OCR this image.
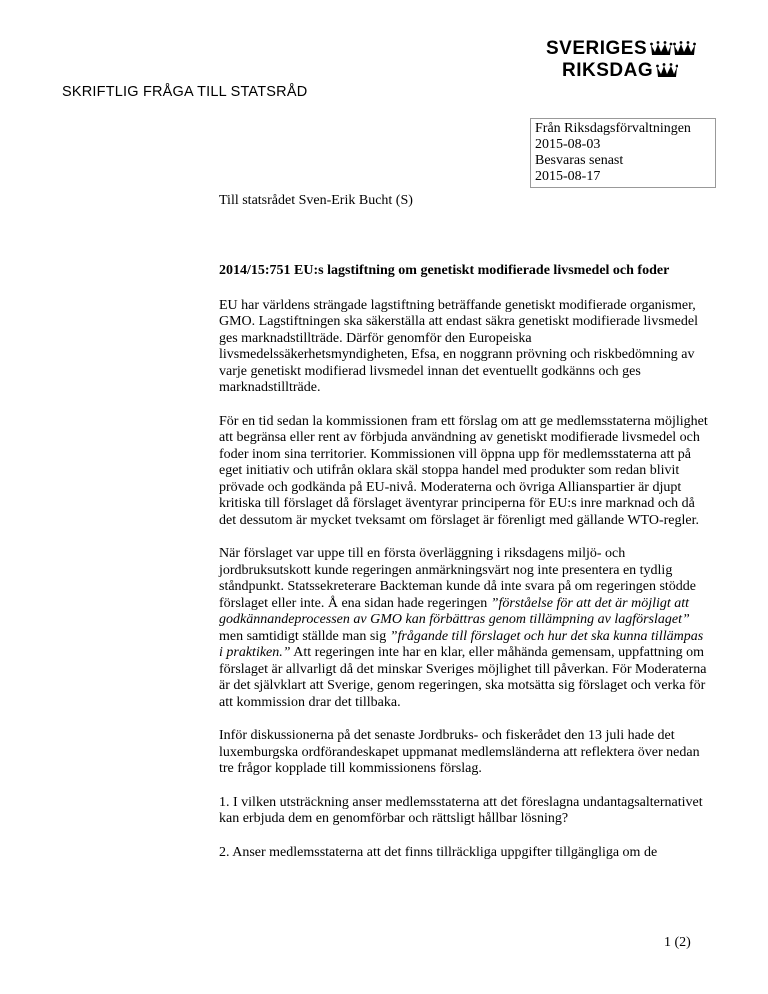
SVERIGES
RIKSDAG
SKRIFTLIG FRÅGA TILL STATSRÅD
Från Riksdagsförvaltningen
2015-08-03
Besvaras senast
2015-08-17
Till statsrådet Sven-Erik Bucht (S)

2014/15:751 EU:s lagstiftning om genetiskt modifierade livsmedel och foder

EU har världens strängade lagstiftning beträffande genetiskt modifierade organismer, GMO. Lagstiftningen ska säkerställa att endast säkra genetiskt modifierade livsmedel ges marknadstillträde. Därför genomför den Europeiska livsmedelssäkerhetsmyndigheten, Efsa, en noggrann prövning och riskbedömning av varje genetiskt modifierad livsmedel innan det eventuellt godkänns och ges marknadstillträde.

För en tid sedan la kommissionen fram ett förslag om att ge medlemsstaterna möjlighet att begränsa eller rent av förbjuda användning av genetiskt modifierade livsmedel och foder inom sina territorier. Kommissionen vill öppna upp för medlemsstaterna att på eget initiativ och utifrån oklara skäl stoppa handel med produkter som redan blivit prövade och godkända på EU-nivå. Moderaterna och övriga Allianspartier är djupt kritiska till förslaget då förslaget äventyrar principerna för EU:s inre marknad och då det dessutom är mycket tveksamt om förslaget är förenligt med gällande WTO-regler.

När förslaget var uppe till en första överläggning i riksdagens miljö- och jordbruksutskott kunde regeringen anmärkningsvärt nog inte presentera en tydlig ståndpunkt. Statssekreterare Backteman kunde då inte svara på om regeringen stödde förslaget eller inte. Å ena sidan hade regeringen ”förståelse för att det är möjligt att godkännandeprocessen av GMO kan förbättras genom tillämpning av lagförslaget” men samtidigt ställde man sig ”frågande till förslaget och hur det ska kunna tillämpas i praktiken.” Att regeringen inte har en klar, eller måhända gemensam, uppfattning om förslaget är allvarligt då det minskar Sveriges möjlighet till påverkan. För Moderaterna är det självklart att Sverige, genom regeringen, ska motsätta sig förslaget och verka för att kommission drar det tillbaka.

Inför diskussionerna på det senaste Jordbruks- och fiskerådet den 13 juli hade det luxemburgska ordförandeskapet uppmanat medlemsländerna att reflektera över nedan tre frågor kopplade till kommissionens förslag.

1. I vilken utsträckning anser medlemsstaterna att det föreslagna undantagsalternativet kan erbjuda dem en genomförbar och rättsligt hållbar lösning?

2. Anser medlemsstaterna att det finns tillräckliga uppgifter tillgängliga om de

1 (2)
